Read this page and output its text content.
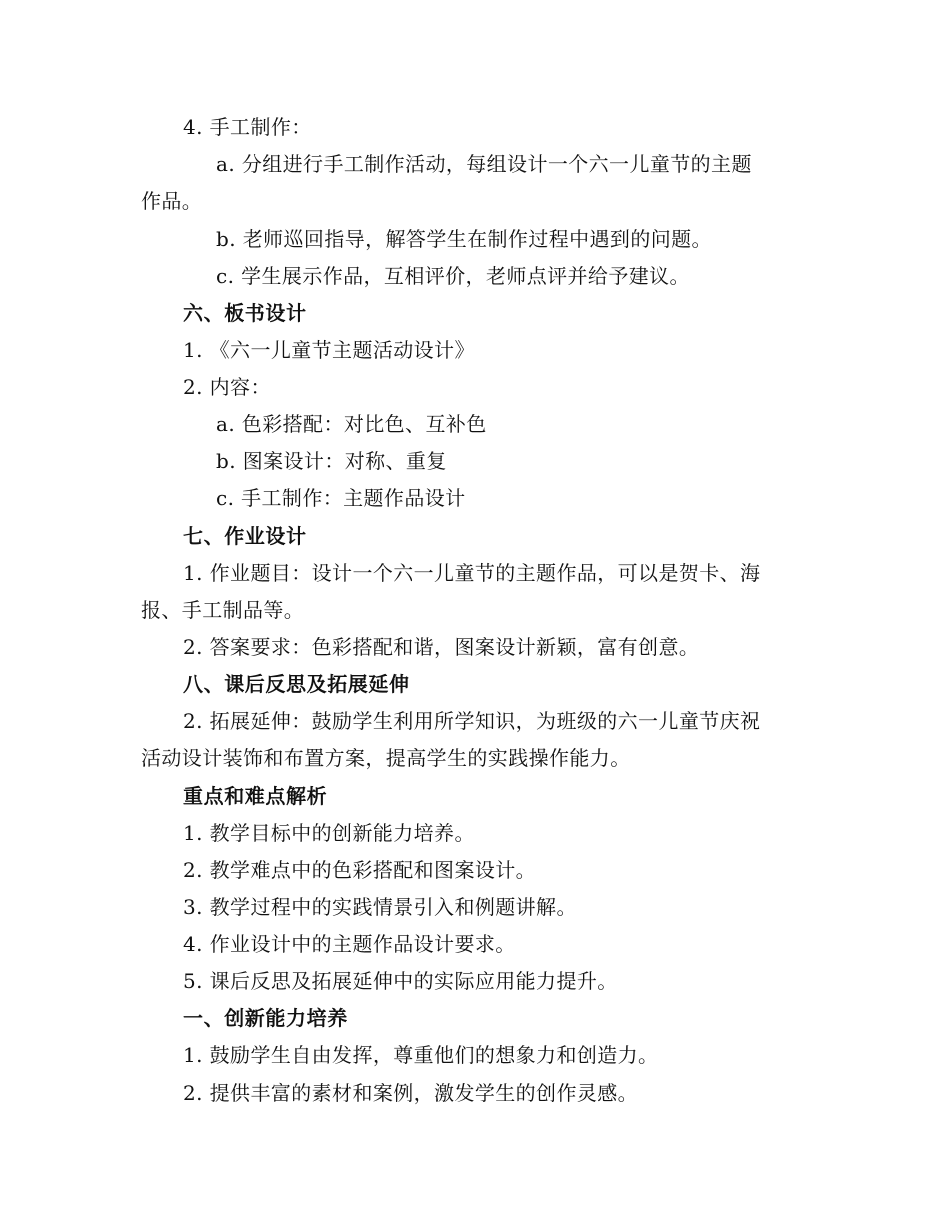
4. 手工制作：
a. 分组进行手工制作活动，每组设计一个六一儿童节的主题
作品。
b. 老师巡回指导，解答学生在制作过程中遇到的问题。
c. 学生展示作品，互相评价，老师点评并给予建议。
六、板书设计
1. 《六一儿童节主题活动设计》
2. 内容：
a. 色彩搭配：对比色、互补色
b. 图案设计：对称、重复
c. 手工制作：主题作品设计
七、作业设计
1. 作业题目：设计一个六一儿童节的主题作品，可以是贺卡、海
报、手工制品等。
2. 答案要求：色彩搭配和谐，图案设计新颖，富有创意。
八、课后反思及拓展延伸
2. 拓展延伸：鼓励学生利用所学知识，为班级的六一儿童节庆祝
活动设计装饰和布置方案，提高学生的实践操作能力。
重点和难点解析
1. 教学目标中的创新能力培养。
2. 教学难点中的色彩搭配和图案设计。
3. 教学过程中的实践情景引入和例题讲解。
4. 作业设计中的主题作品设计要求。
5. 课后反思及拓展延伸中的实际应用能力提升。
一、创新能力培养
1. 鼓励学生自由发挥，尊重他们的想象力和创造力。
2. 提供丰富的素材和案例，激发学生的创作灵感。
